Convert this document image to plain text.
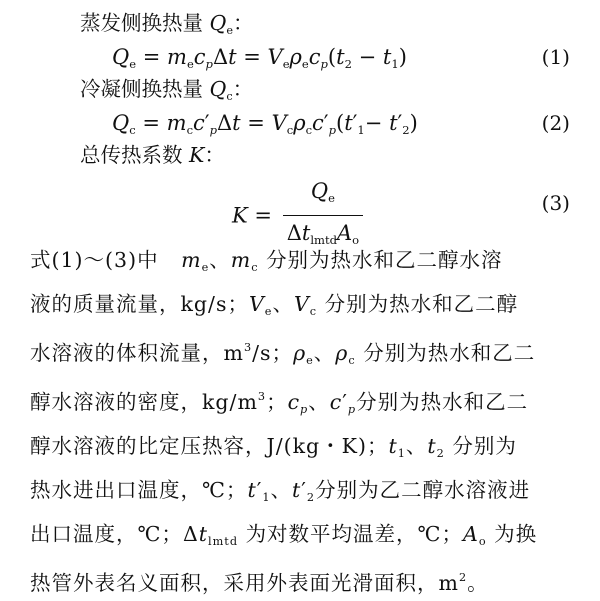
蒸发侧换热量 $Q_e$：
$Q_e = m_ec_p\Delta t = V_e\rho_ec_p(t_2 - t_1)$	(1)
冷凝侧换热量 $Q_c$：
$Q_c = m_cc'_p\Delta t = V_c\rho_cc'_p(t'_1- t'_2)$	(2)
总传热系数 K：
$K = \frac{Q_e}{\Delta t_{lmtd}A_o}$	(3)

式(1)～(3)中 $m_e$、$m_c$ 分别为热水和乙二醇水溶

液的质量流量，kg/s；$V_e$、$V_c$ 分别为热水和乙二醇

水溶液的体积流量，$m^3/s$；$\rho_e$、$\rho_c$ 分别为热水和乙二

醇水溶液的密度，$kg/m^3$；$c_p$、$c'_p$分别为热水和乙二

醇水溶液的比定压热容，J/(kg・K)；$t_1$、$t_2$ 分别为

热水进出口温度，℃；$t'_1$、$t'_2$分别为乙二醇水溶液进

出口温度，℃；$\Delta t_{lmtd}$ 为对数平均温差，℃；$A_o$ 为换

热管外表名义面积，采用外表面光滑面积，$m^2$。
